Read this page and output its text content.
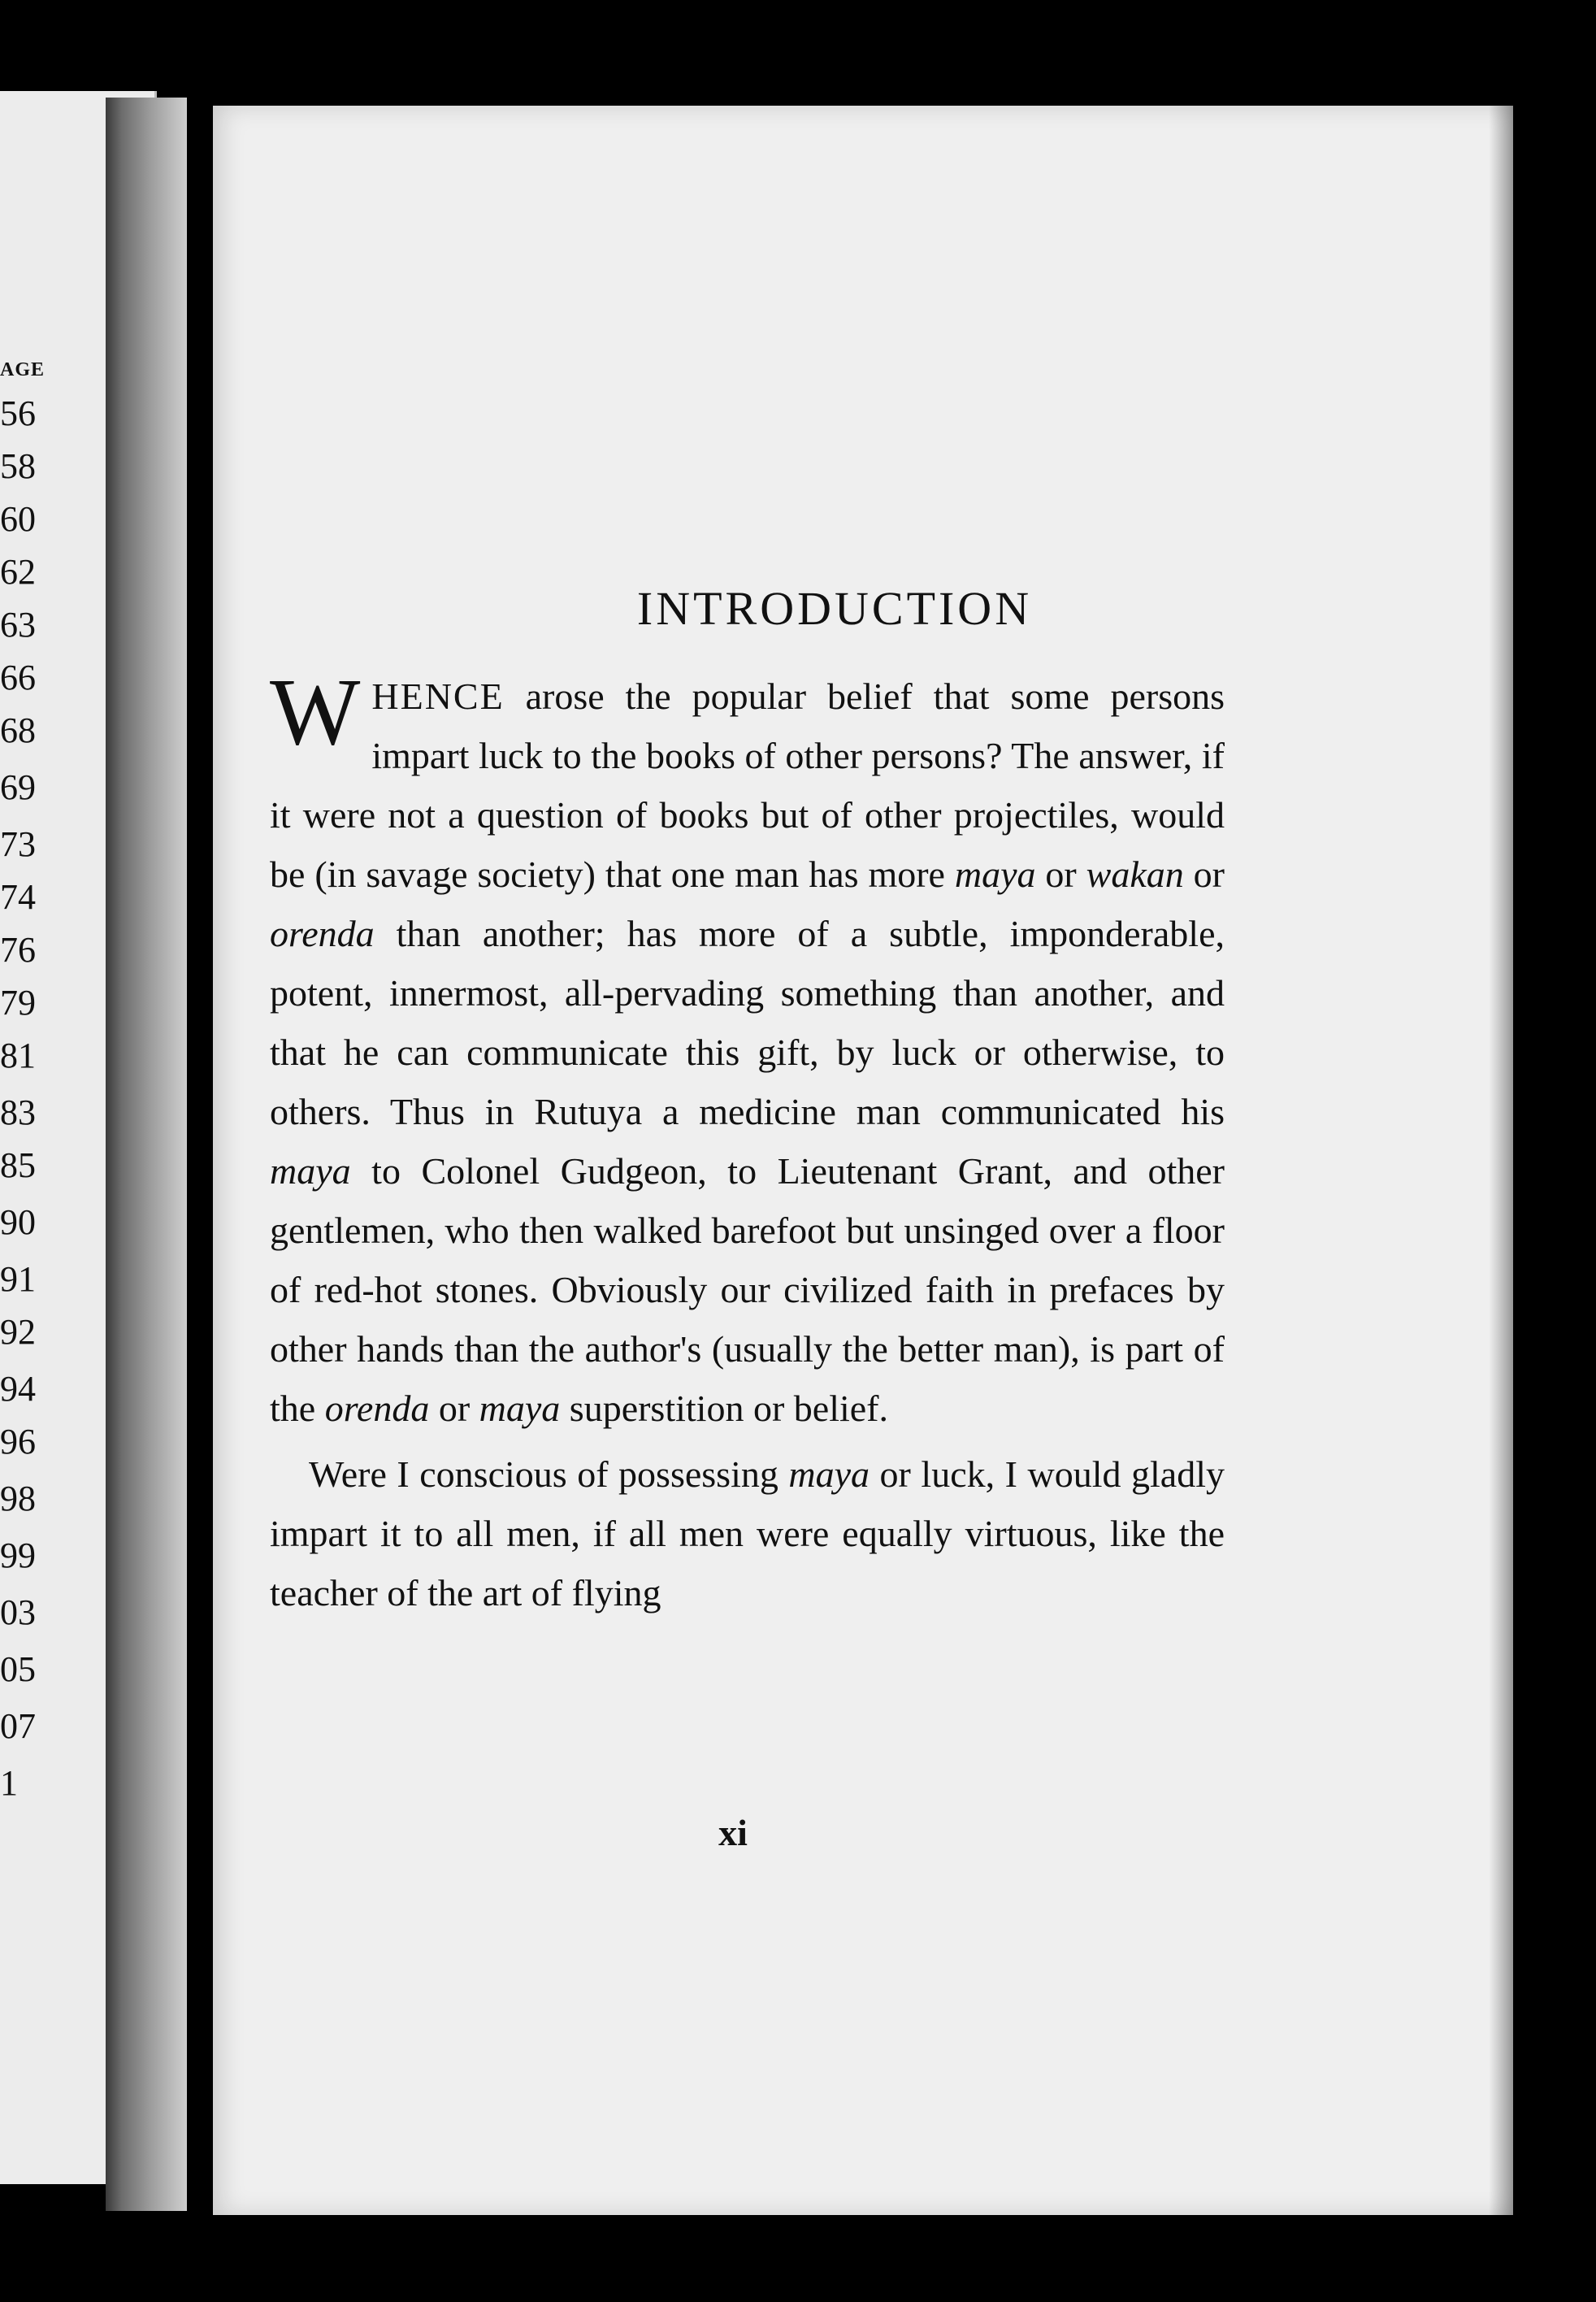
AGE
56
58
60
62
63
66
68
69
73
74
76
79
81
83
85
90
91
92
94
96
98
99
03
05
07
1
INTRODUCTION

WHENCE arose the popular belief that some persons impart luck to the books of other persons? The answer, if it were not a question of books but of other projectiles, would be (in savage society) that one man has more maya or wakan or orenda than another; has more of a subtle, imponderable, potent, innermost, all-pervading something than another, and that he can communicate this gift, by luck or otherwise, to others. Thus in Rutuya a medicine man communicated his maya to Colonel Gudgeon, to Lieutenant Grant, and other gentlemen, who then walked barefoot but unsinged over a floor of red-hot stones. Obviously our civilized faith in prefaces by other hands than the author's (usually the better man), is part of the orenda or maya superstition or belief.

Were I conscious of possessing maya or luck, I would gladly impart it to all men, if all men were equally virtuous, like the teacher of the art of flying

xi
